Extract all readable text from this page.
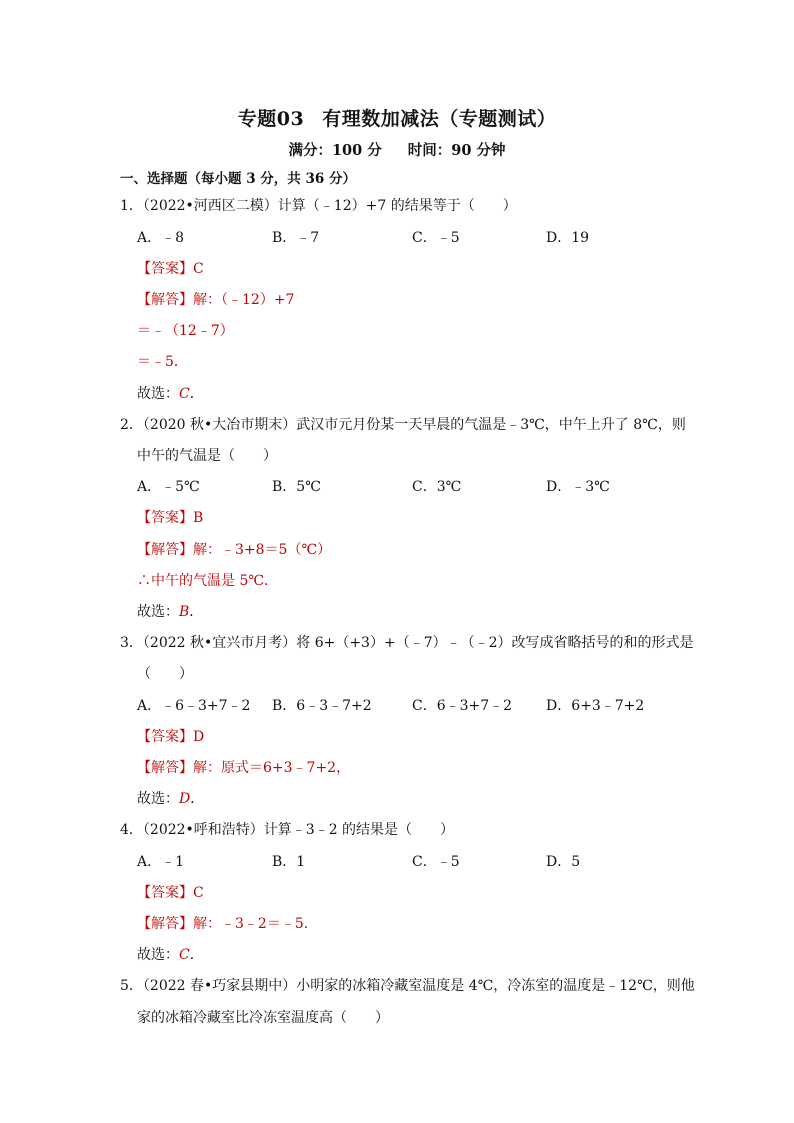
专题03 有理数加减法（专题测试）
满分：100 分 时间：90 分钟
一、选择题（每小题 3 分，共 36 分）
1．（2022•河西区二模）计算（﹣12）+7 的结果等于（　　）
A．﹣8	B．﹣7	C．﹣5	D．19
【答案】C
【解答】解：（﹣12）+7
＝﹣（12﹣7）
＝﹣5．
故选：C．
2．（2020 秋•大冶市期末）武汉市元月份某一天早晨的气温是﹣3℃，中午上升了 8℃，则
中午的气温是（　　）
A．﹣5℃	B．5℃	C．3℃	D．﹣3℃
【答案】B
【解答】解：﹣3+8＝5（℃）
∴中午的气温是 5℃．
故选：B．
3．（2022 秋•宜兴市月考）将 6+（+3）+（﹣7）﹣（﹣2）改写成省略括号的和的形式是
（　　）
A．﹣6﹣3+7﹣2 B．6﹣3﹣7+2	C．6﹣3+7﹣2 D．6+3﹣7+2
【答案】D
【解答】解：原式＝6+3﹣7+2，
故选：D．
4．（2022•呼和浩特）计算﹣3﹣2 的结果是（　　）
A．﹣1	B．1	C．﹣5	D．5
【答案】C
【解答】解：﹣3﹣2＝﹣5．
故选：C．
5．（2022 春•巧家县期中）小明家的冰箱冷藏室温度是 4℃，冷冻室的温度是﹣12℃，则他
家的冰箱冷藏室比冷冻室温度高（　　）
